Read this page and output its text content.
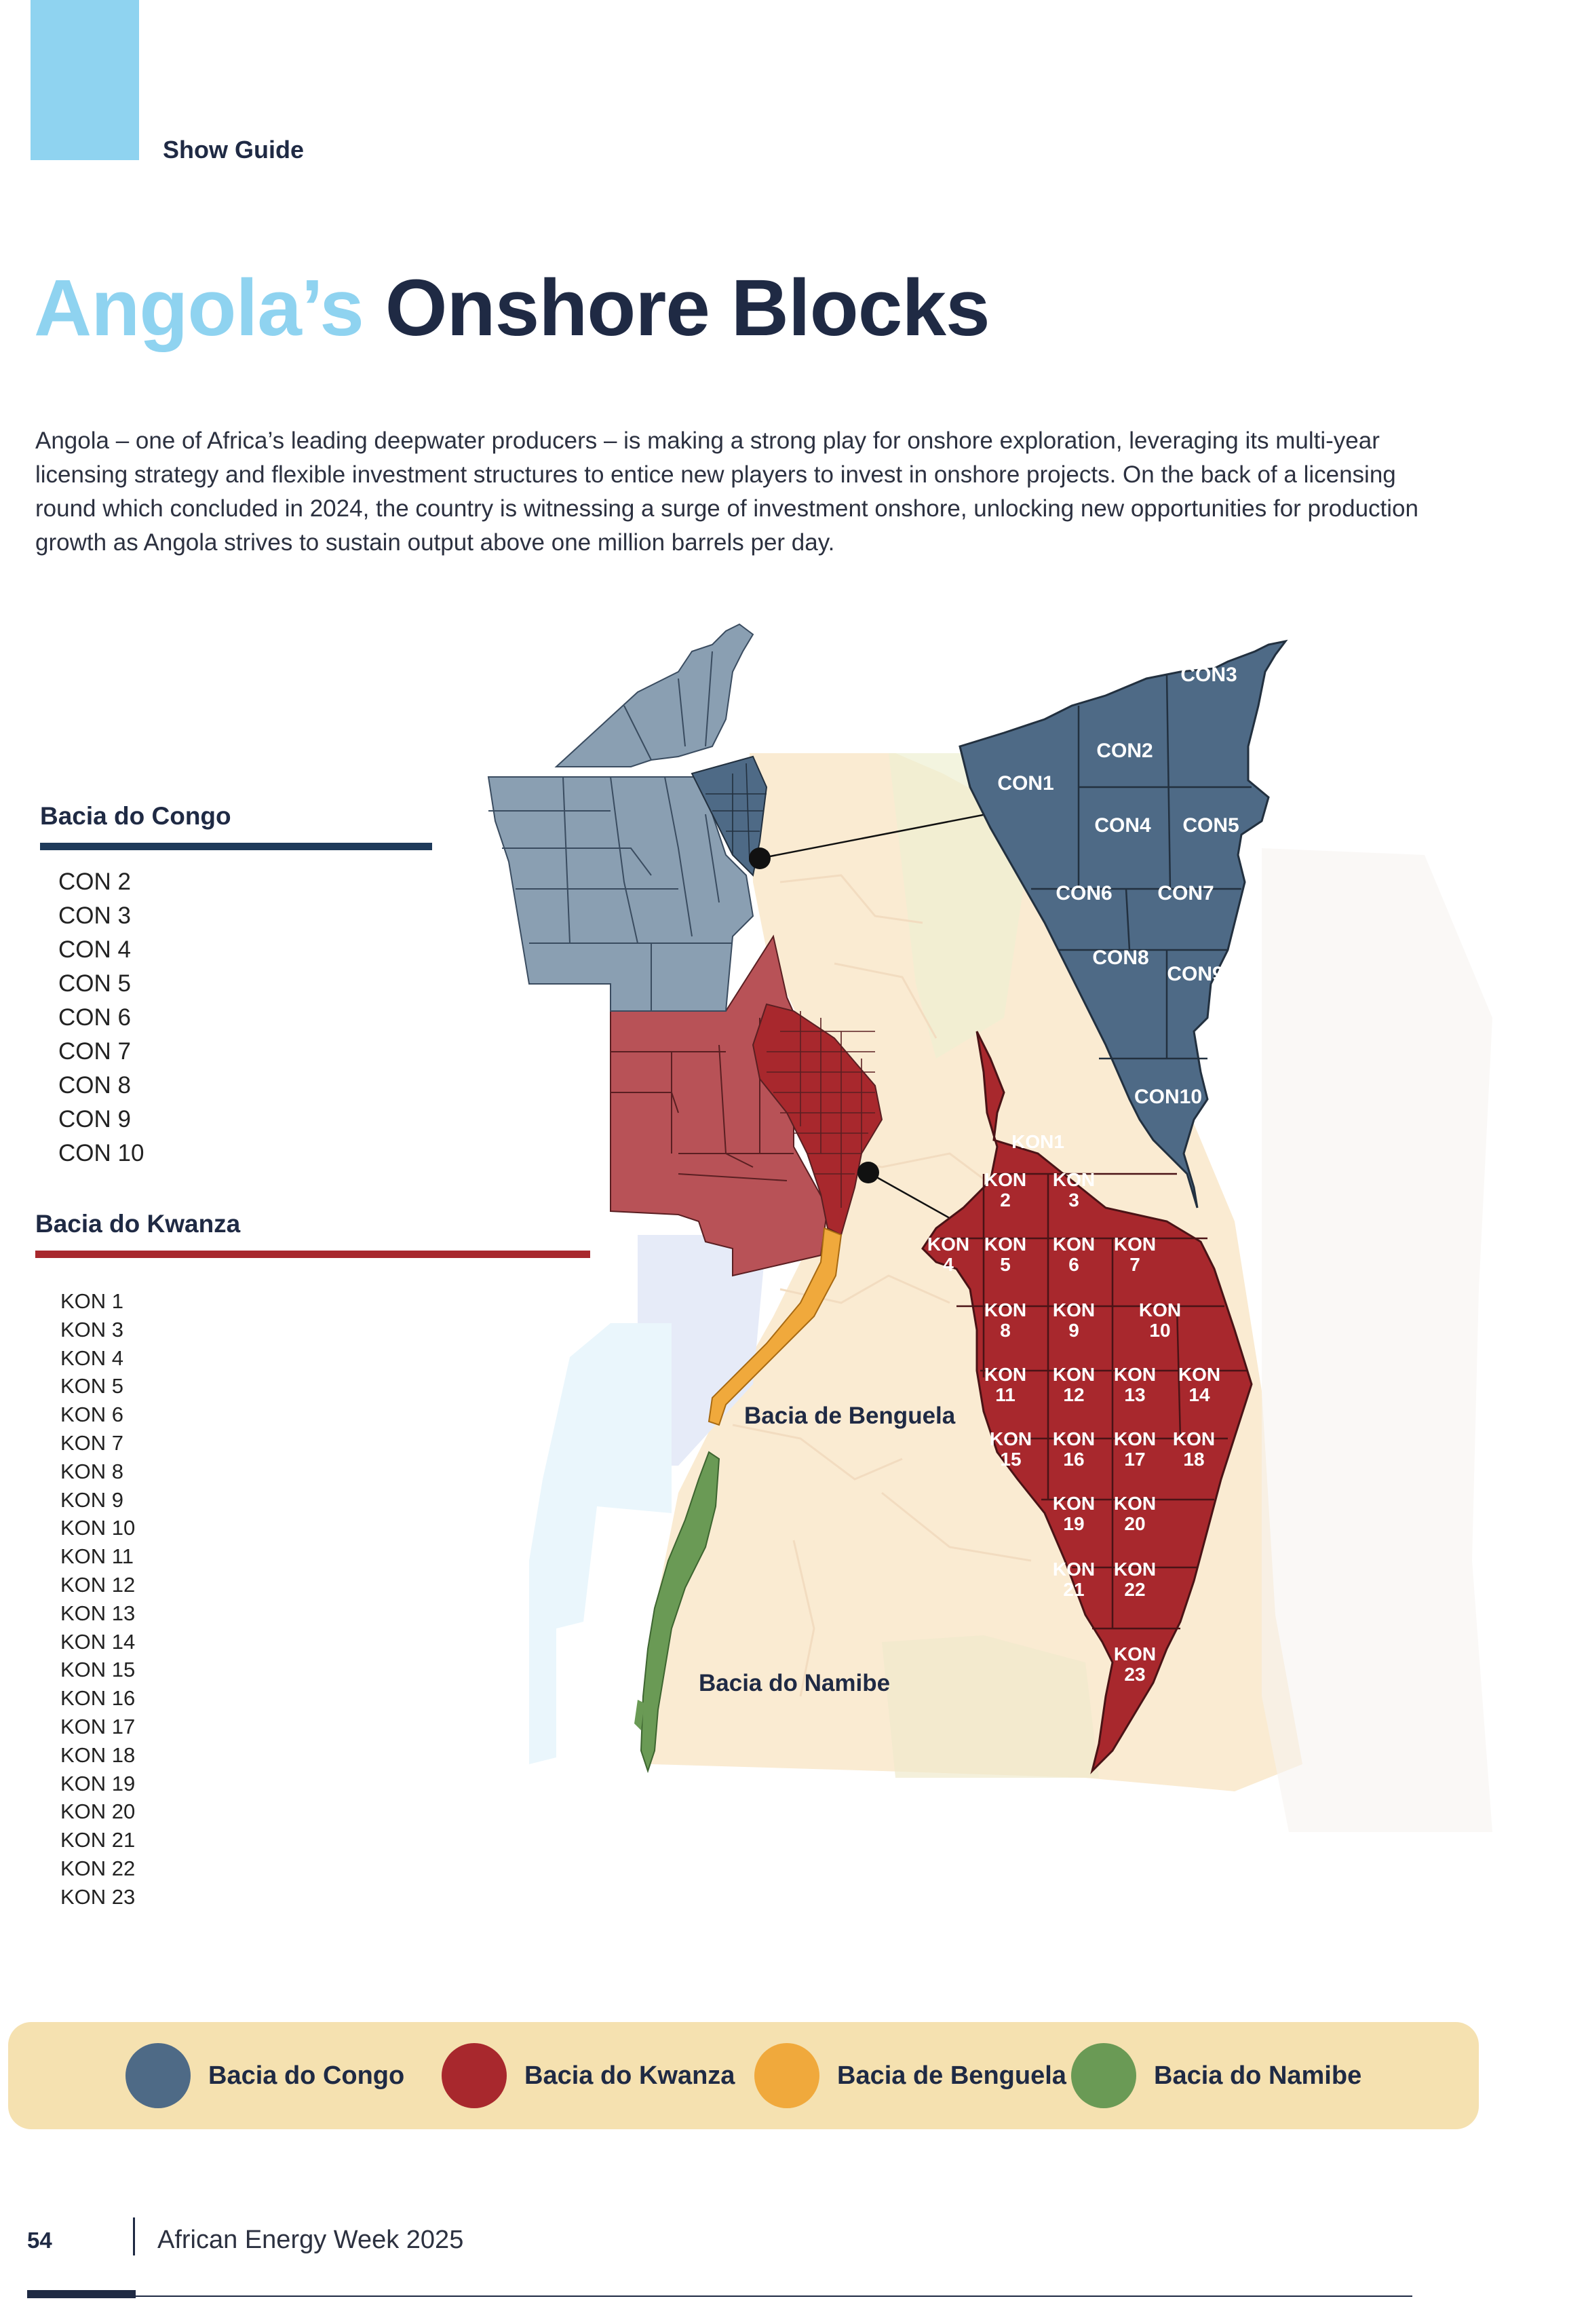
Show Guide
Angola’s Onshore Blocks
Angola – one of Africa’s leading deepwater producers – is making a strong play for onshore exploration, leveraging its multi-year licensing strategy and flexible investment structures to entice new players to invest in onshore projects. On the back of a licensing round which concluded in 2024, the country is witnessing a surge of investment onshore, unlocking new opportunities for production growth as Angola strives to sustain output above one million barrels per day.
CON3
CON2
CON1
CON4 CON5
CON6 CON7
CON8
CON9
CON10
KON1
KON 2
KON 3
KON 4
KON 5
KON 6
KON 7
KON 8
KON 9
KON 10
KON 11
KON 12
KON 13
KON 14
KON 15
KON 16
KON 17
KON 18
KON 19
KON 20
KON 21
KON 22
KON 23
Bacia de Benguela
Bacia do Namibe
Bacia do Congo
CON 2
CON 3
CON 4
CON 5
CON 6
CON 7
CON 8
CON 9
CON 10
Bacia do Kwanza
KON 1
KON 3
KON 4
KON 5
KON 6
KON 7
KON 8
KON 9
KON 10
KON 11
KON 12
KON 13
KON 14
KON 15
KON 16
KON 17
KON 18
KON 19
KON 20
KON 21
KON 22
KON 23
Bacia do Congo	Bacia do Kwanza	Bacia de Benguela	Bacia do Namibe
54	African Energy Week 2025
